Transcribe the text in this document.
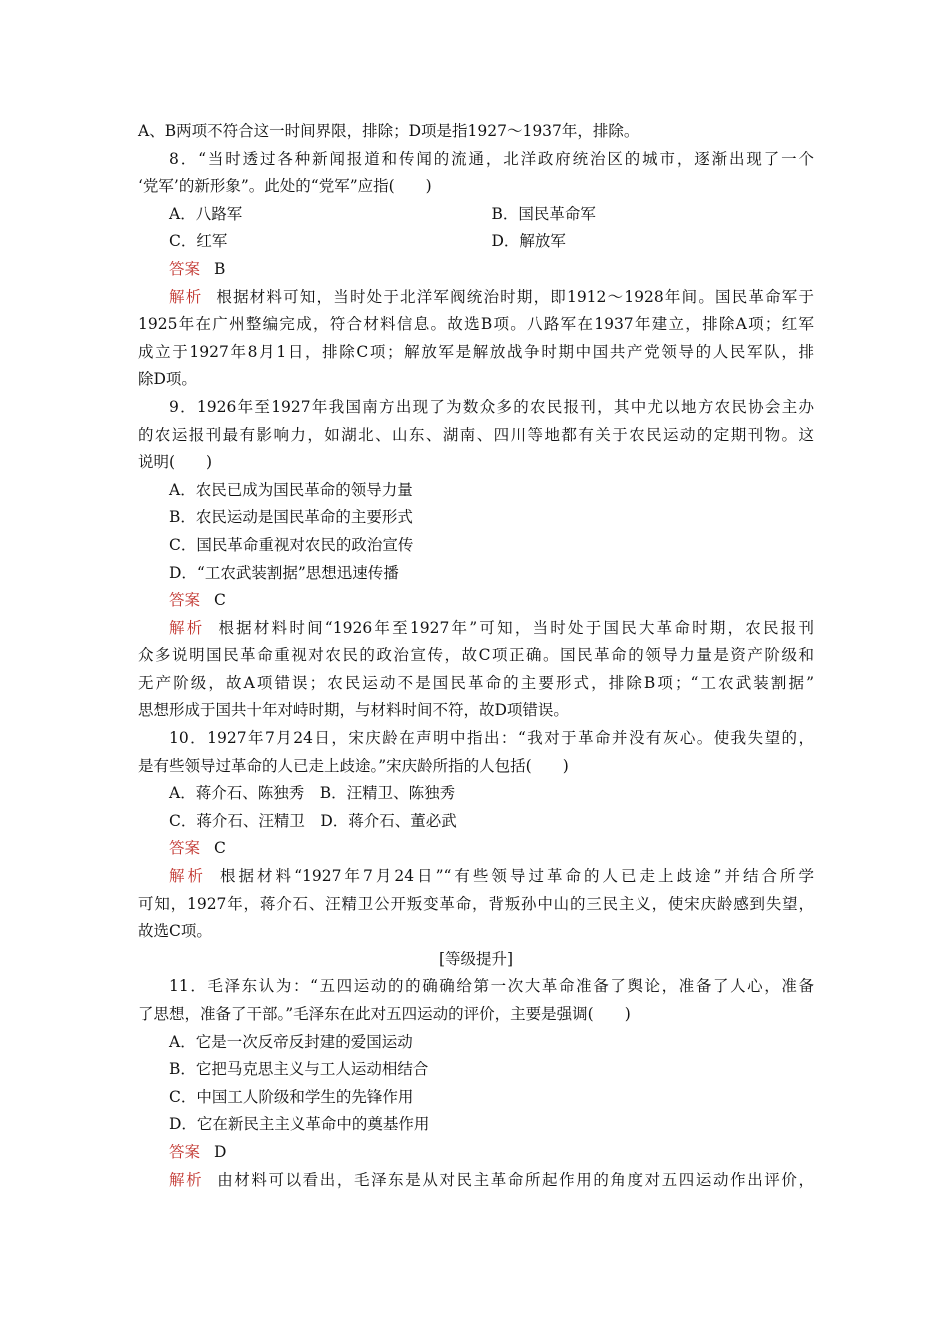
A、B两项不符合这一时间界限，排除；D项是指1927～1937年，排除。
8．“当时透过各种新闻报道和传闻的流通，北洋政府统治区的城市，逐渐出现了一个
‘党军’的新形象”。此处的“党军”应指(　　)
A．八路军	B．国民革命军
C．红军	D．解放军
答案 B
解析 根据材料可知，当时处于北洋军阀统治时期，即1912～1928年间。国民革命军于
1925年在广州整编完成，符合材料信息。故选B项。八路军在1937年建立，排除A项；红军
成立于1927年8月1日，排除C项；解放军是解放战争时期中国共产党领导的人民军队，排
除D项。
9．1926年至1927年我国南方出现了为数众多的农民报刊，其中尤以地方农民协会主办
的农运报刊最有影响力，如湖北、山东、湖南、四川等地都有关于农民运动的定期刊物。这
说明(　　)
A．农民已成为国民革命的领导力量
B．农民运动是国民革命的主要形式
C．国民革命重视对农民的政治宣传
D．“工农武装割据”思想迅速传播
答案 C
解析 根据材料时间“1926年至1927年”可知，当时处于国民大革命时期，农民报刊
众多说明国民革命重视对农民的政治宣传，故C项正确。国民革命的领导力量是资产阶级和
无产阶级，故A项错误；农民运动不是国民革命的主要形式，排除B项；“工农武装割据”
思想形成于国共十年对峙时期，与材料时间不符，故D项错误。
10．1927年7月24日，宋庆龄在声明中指出：“我对于革命并没有灰心。使我失望的，
是有些领导过革命的人已走上歧途。”宋庆龄所指的人包括(　　)
A．蒋介石、陈独秀　B．汪精卫、陈独秀
C．蒋介石、汪精卫　D．蒋介石、董必武
答案 C
解析 根据材料“1927年7月24日”“有些领导过革命的人已走上歧途”并结合所学
可知，1927年，蒋介石、汪精卫公开叛变革命，背叛孙中山的三民主义，使宋庆龄感到失望，
故选C项。
[等级提升]
11．毛泽东认为：“五四运动的的确确给第一次大革命准备了舆论，准备了人心，准备
了思想，准备了干部。”毛泽东在此对五四运动的评价，主要是强调(　　)
A．它是一次反帝反封建的爱国运动
B．它把马克思主义与工人运动相结合
C．中国工人阶级和学生的先锋作用
D．它在新民主主义革命中的奠基作用
答案 D
解析 由材料可以看出，毛泽东是从对民主革命所起作用的角度对五四运动作出评价，
